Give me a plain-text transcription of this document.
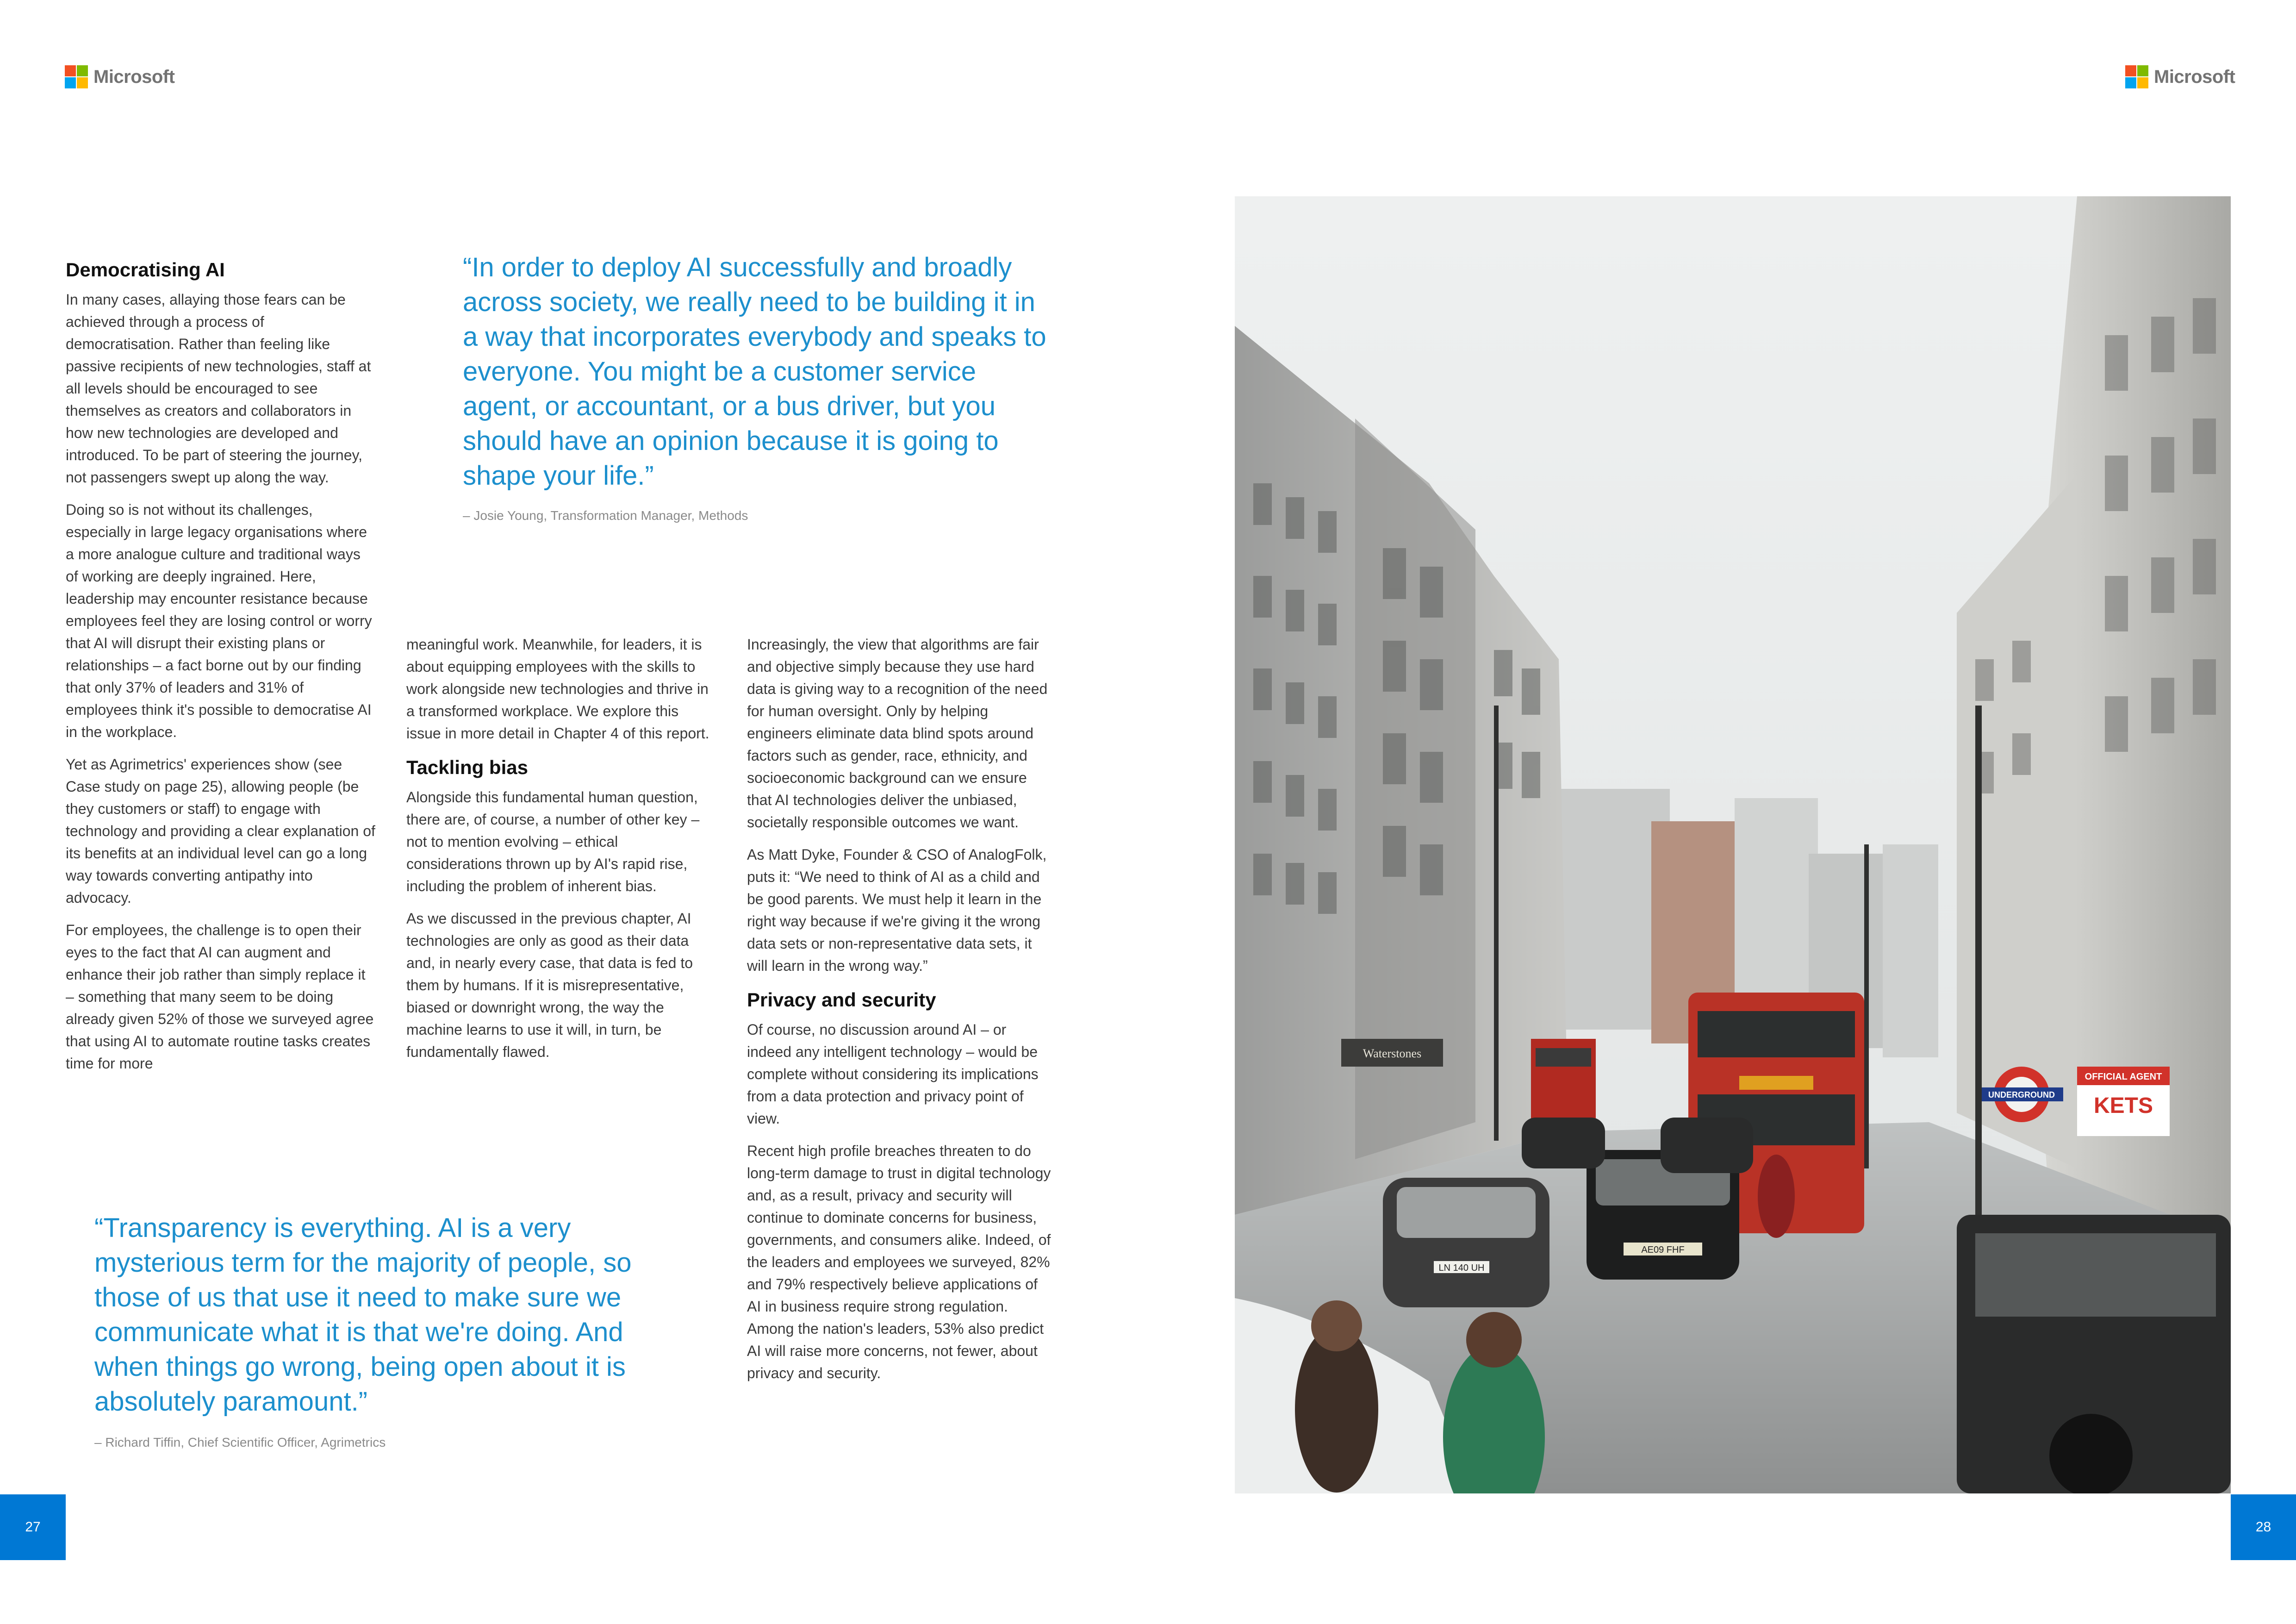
Microsoft	Microsoft
Democratising AI

In many cases, allaying those fears can be achieved through a process of democratisation. Rather than feeling like passive recipients of new technologies, staff at all levels should be encouraged to see themselves as creators and collaborators in how new technologies are developed and introduced. To be part of steering the journey, not passengers swept up along the way.

Doing so is not without its challenges, especially in large legacy organisations where a more analogue culture and traditional ways of working are deeply ingrained. Here, leadership may encounter resistance because employees feel they are losing control or worry that AI will disrupt their existing plans or relationships – a fact borne out by our finding that only 37% of leaders and 31% of employees think it's possible to democratise AI in the workplace.

Yet as Agrimetrics' experiences show (see Case study on page 25), allowing people (be they customers or staff) to engage with technology and providing a clear explanation of its benefits at an individual level can go a long way towards converting antipathy into advocacy.

For employees, the challenge is to open their eyes to the fact that AI can augment and enhance their job rather than simply replace it – something that many seem to be doing already given 52% of those we surveyed agree that using AI to automate routine tasks creates time for more

“In order to deploy AI successfully and broadly across society, we really need to be building it in a way that incorporates everybody and speaks to everyone. You might be a customer service agent, or accountant, or a bus driver, but you should have an opinion because it is going to shape your life.”
– Josie Young, Transformation Manager, Methods

meaningful work. Meanwhile, for leaders, it is about equipping employees with the skills to work alongside new technologies and thrive in a transformed workplace. We explore this issue in more detail in Chapter 4 of this report.

Tackling bias

Alongside this fundamental human question, there are, of course, a number of other key – not to mention evolving – ethical considerations thrown up by AI's rapid rise, including the problem of inherent bias.

As we discussed in the previous chapter, AI technologies are only as good as their data and, in nearly every case, that data is fed to them by humans. If it is misrepresentative, biased or downright wrong, the way the machine learns to use it will, in turn, be fundamentally flawed.

Increasingly, the view that algorithms are fair and objective simply because they use hard data is giving way to a recognition of the need for human oversight. Only by helping engineers eliminate data blind spots around factors such as gender, race, ethnicity, and socioeconomic background can we ensure that AI technologies deliver the unbiased, societally responsible outcomes we want.

As Matt Dyke, Founder & CSO of AnalogFolk, puts it: “We need to think of AI as a child and be good parents. We must help it learn in the right way because if we're giving it the wrong data sets or non-representative data sets, it will learn in the wrong way.”

Privacy and security

Of course, no discussion around AI – or indeed any intelligent technology – would be complete without considering its implications from a data protection and privacy point of view.

Recent high profile breaches threaten to do long-term damage to trust in digital technology and, as a result, privacy and security will continue to dominate concerns for business, governments, and consumers alike. Indeed, of the leaders and employees we surveyed, 82% and 79% respectively believe applications of AI in business require strong regulation. Among the nation's leaders, 53% also predict AI will raise more concerns, not fewer, about privacy and security.

“Transparency is everything. AI is a very mysterious term for the majority of people, so those of us that use it need to make sure we communicate what it is that we're doing. And when things go wrong, being open about it is absolutely paramount.”
– Richard Tiffin, Chief Scientific Officer, Agrimetrics
Waterstones
LN 140 UH
AE09 FHF
UNDERGROUND
OFFICIAL AGENT
KETS
27	28
